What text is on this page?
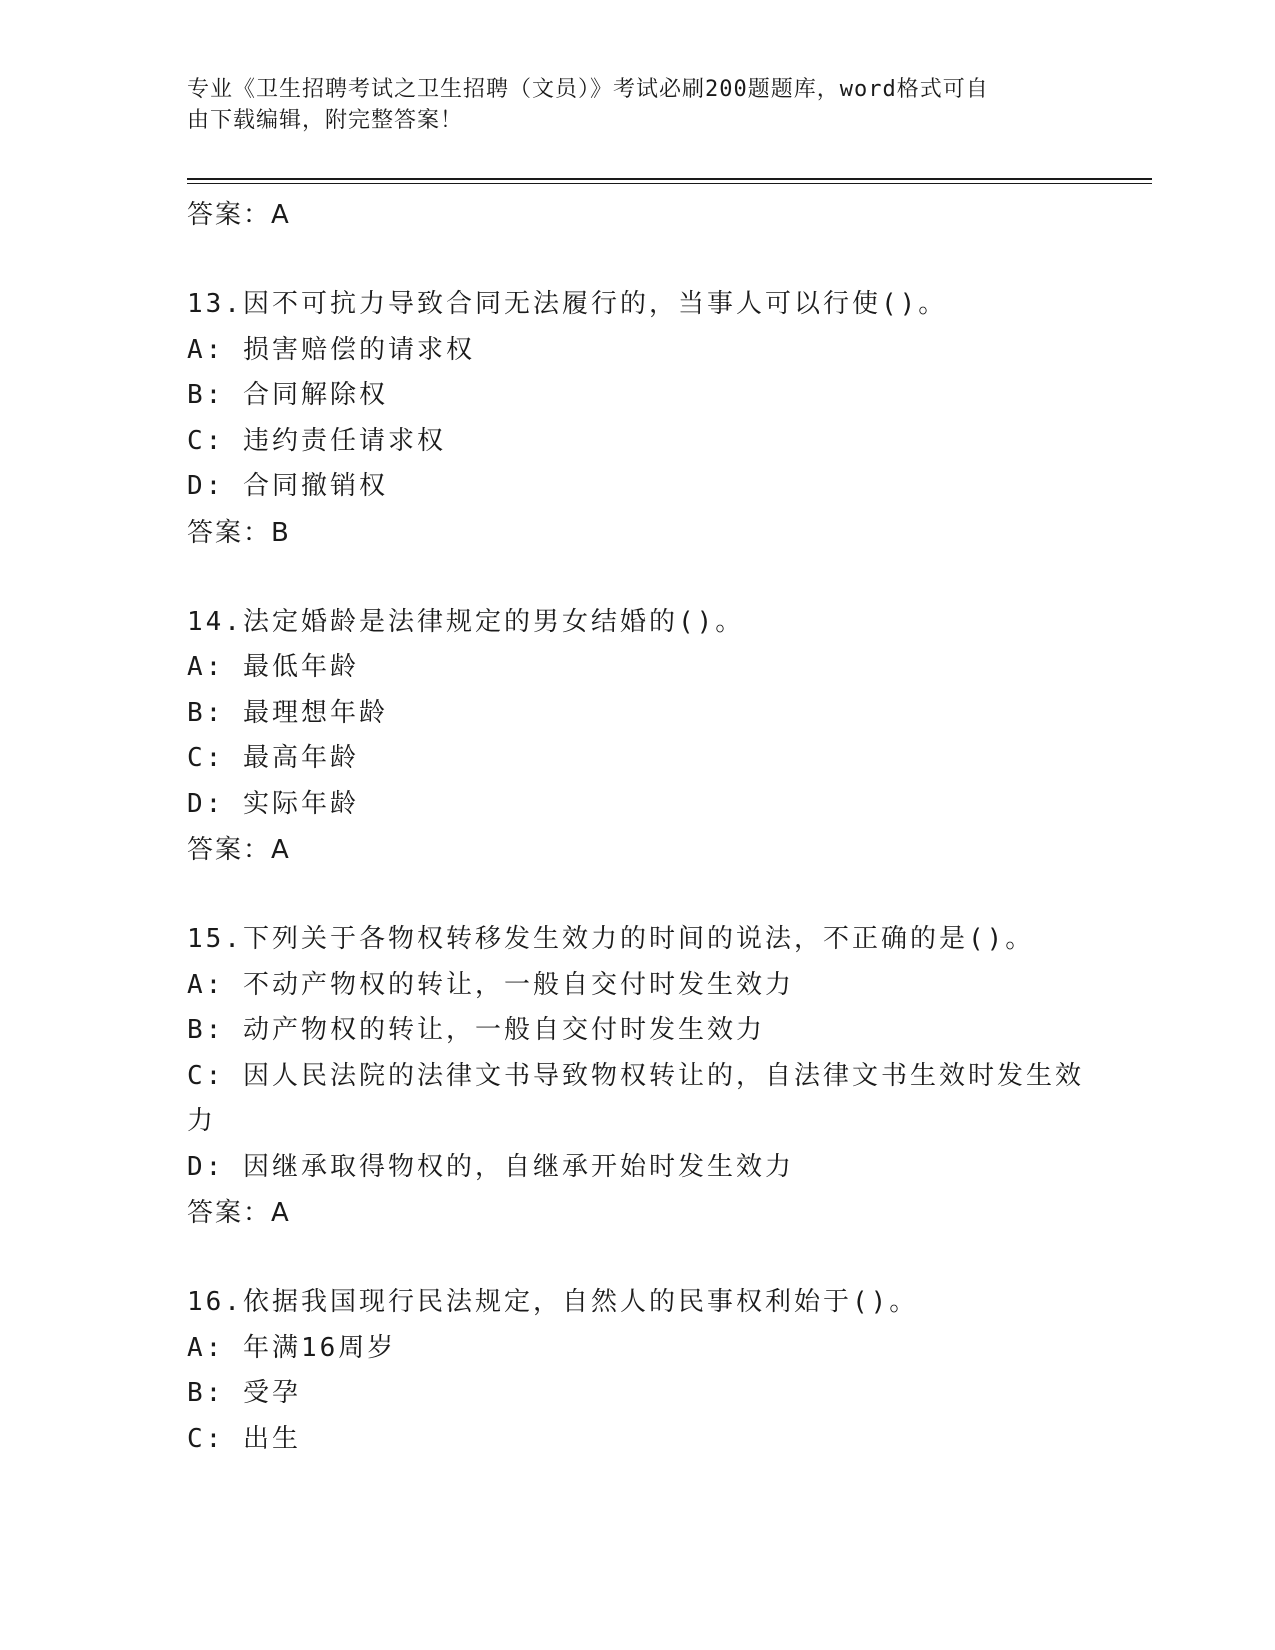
专业《卫生招聘考试之卫生招聘（文员）》考试必刷200题题库，word格式可自
由下载编辑，附完整答案！
答案：A
13.因不可抗力导致合同无法履行的，当事人可以行使()。
A: 损害赔偿的请求权
B: 合同解除权
C: 违约责任请求权
D: 合同撤销权
答案：B
14.法定婚龄是法律规定的男女结婚的()。
A: 最低年龄
B: 最理想年龄
C: 最高年龄
D: 实际年龄
答案：A
15.下列关于各物权转移发生效力的时间的说法，不正确的是()。
A: 不动产物权的转让，一般自交付时发生效力
B: 动产物权的转让，一般自交付时发生效力
C: 因人民法院的法律文书导致物权转让的，自法律文书生效时发生效力
D: 因继承取得物权的，自继承开始时发生效力
答案：A
16.依据我国现行民法规定，自然人的民事权利始于()。
A: 年满16周岁
B: 受孕
C: 出生
